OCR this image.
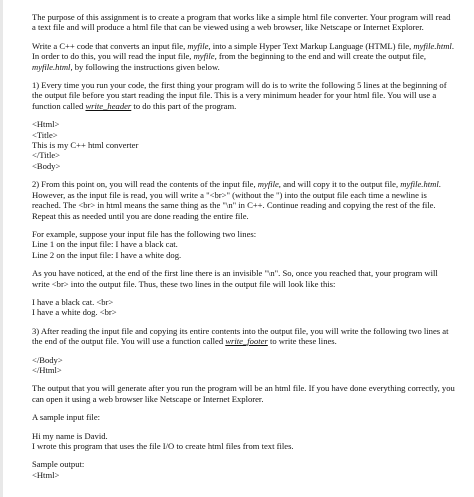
The purpose of this assignment is to create a program that works like a simple html file converter. Your program will read a text file and will produce a html file that can be viewed using a web browser, like Netscape or Internet Explorer.

Write a C++ code that converts an input file, myfile, into a simple Hyper Text Markup Language (HTML) file, myfile.html. In order to do this, you will read the input file, myfile, from the beginning to the end and will create the output file, myfile.html, by following the instructions given below.

1) Every time you run your code, the first thing your program will do is to write the following 5 lines at the beginning of the output file before you start reading the input file. This is a very minimum header for your html file. You will use a function called write_header to do this part of the program.

<Html>
<Title>
This is my C++ html converter
</Title>
<Body>

2) From this point on, you will read the contents of the input file, myfile, and will copy it to the output file, myfile.html. However, as the input file is read, you will write a "<br>" (without the ") into the output file each time a newline is reached. The <br> in html means the same thing as the "\n" in C++. Continue reading and copying the rest of the file. Repeat this as needed until you are done reading the entire file.

For example, suppose your input file has the following two lines:
Line 1 on the input file: I have a black cat.
Line 2 on the input file: I have a white dog.

As you have noticed, at the end of the first line there is an invisible "\n". So, once you reached that, your program will write <br> into the output file. Thus, these two lines in the output file will look like this:

I have a black cat. <br>
I have a white dog. <br>

3) After reading the input file and copying its entire contents into the output file, you will write the following two lines at the end of the output file. You will use a function called write_footer to write these lines.

</Body>
</Html>

The output that you will generate after you run the program will be an html file. If you have done everything correctly, you can open it using a web browser like Netscape or Internet Explorer.

A sample input file:

Hi my name is David.
I wrote this program that uses the file I/O to create html files from text files.
Sample output:
<Html>
